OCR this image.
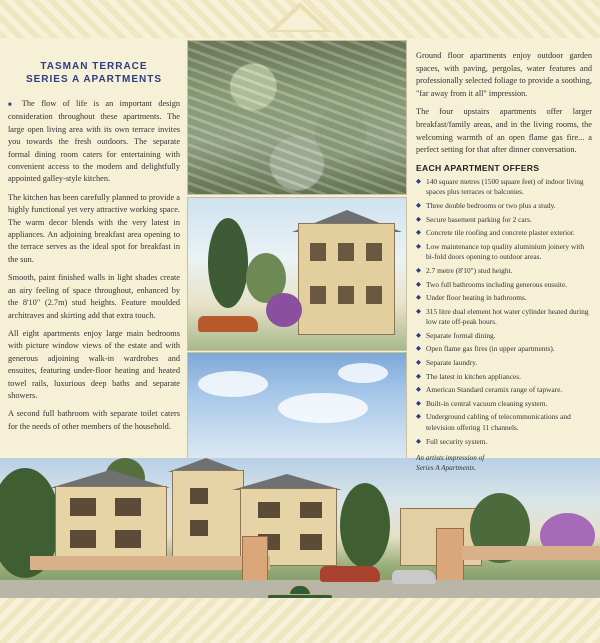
TASMAN TERRACE
SERIES A APARTMENTS

■ The flow of life is an important design consideration throughout these apartments. The large open living area with its own terrace invites you towards the fresh outdoors. The separate formal dining room caters for entertaining with convenient access to the modern and delightfully appointed galley-style kitchen.

The kitchen has been carefully planned to provide a highly functional yet very attractive working space. The warm decor blends with the very latest in appliances. An adjoining breakfast area opening to the terrace serves as the ideal spot for breakfast in the sun.

Smooth, paint finished walls in light shades create an airy feeling of space throughout, enhanced by the 8'10" (2.7m) stud heights. Feature moulded architraves and skirting add that extra touch.

All eight apartments enjoy large main bedrooms with picture window views of the estate and with generous adjoining walk-in wardrobes and ensuites, featuring under-floor heating and heated towel rails, luxurious deep baths and separate showers.

A second full bathroom with separate toilet caters for the needs of other members of the household.

Ground floor apartments enjoy outdoor garden spaces, with paving, pergolas, water features and professionally selected foliage to provide a soothing, "far away from it all" impression.

The four upstairs apartments offer larger breakfast/family areas, and in the living rooms, the welcoming warmth of an open flame gas fire... a perfect setting for that after dinner conversation.

EACH APARTMENT OFFERS
◆ 140 square metres (1500 square feet) of indoor living spaces plus terraces or balconies.
◆ Three double bedrooms or two plus a study.
◆ Secure basement parking for 2 cars.
◆ Concrete tile roofing and concrete plaster exterior.
◆ Low maintenance top quality aluminium joinery with bi-fold doors opening to outdoor areas.
◆ 2.7 metre (8'10") stud height.
◆ Two full bathrooms including generous ensuite.
◆ Under floor heating in bathrooms.
◆ 315 litre dual element hot water cylinder heated during low rate off-peak hours.
◆ Separate formal dining.
◆ Open flame gas fires (in upper apartments).
◆ Separate laundry.
◆ The latest in kitchen appliances.
◆ American Standard ceramix range of tapware.
◆ Built-in central vacuum cleaning system.
◆ Underground cabling of telecommunications and television offering 11 channels.
◆ Full security system.
An artists impression of
Series A Apartments.
